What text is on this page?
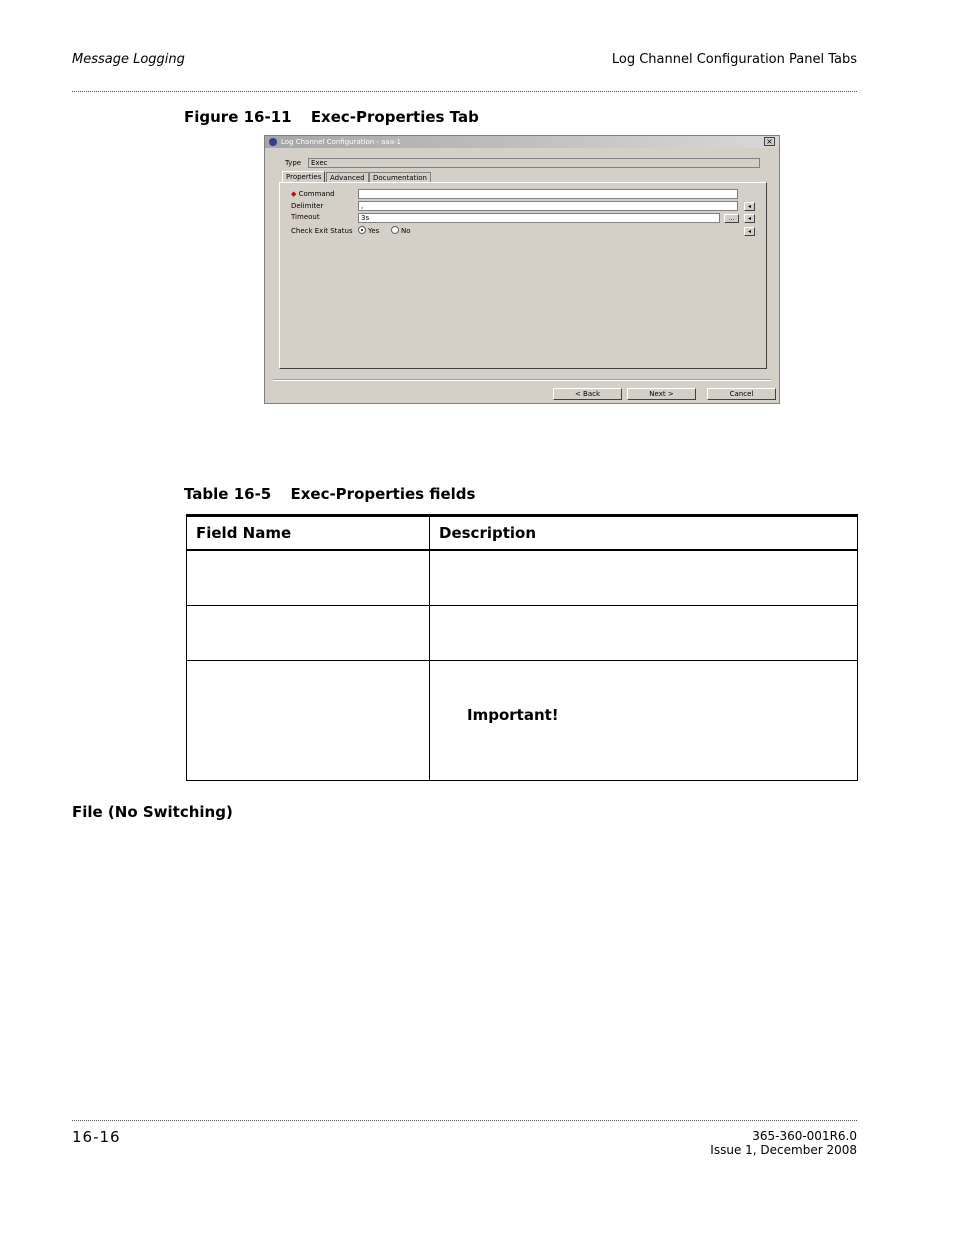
Message Logging	Log Channel Configuration Panel Tabs
Figure 16-11 Exec-Properties Tab
Log Channel Configuration - aaa-1	×
Type	Exec
Properties	Advanced	Documentation
◆ Command
Delimiter	,	◂
Timeout	3s	...	◂
Check Exit Status	Yes	No	◂
< Back	Next >	Cancel
Table 16-5 Exec-Properties fields
Field Name	Description

	Important!
File (No Switching)
16-16	365-360-001R6.0
Issue 1, December 2008
